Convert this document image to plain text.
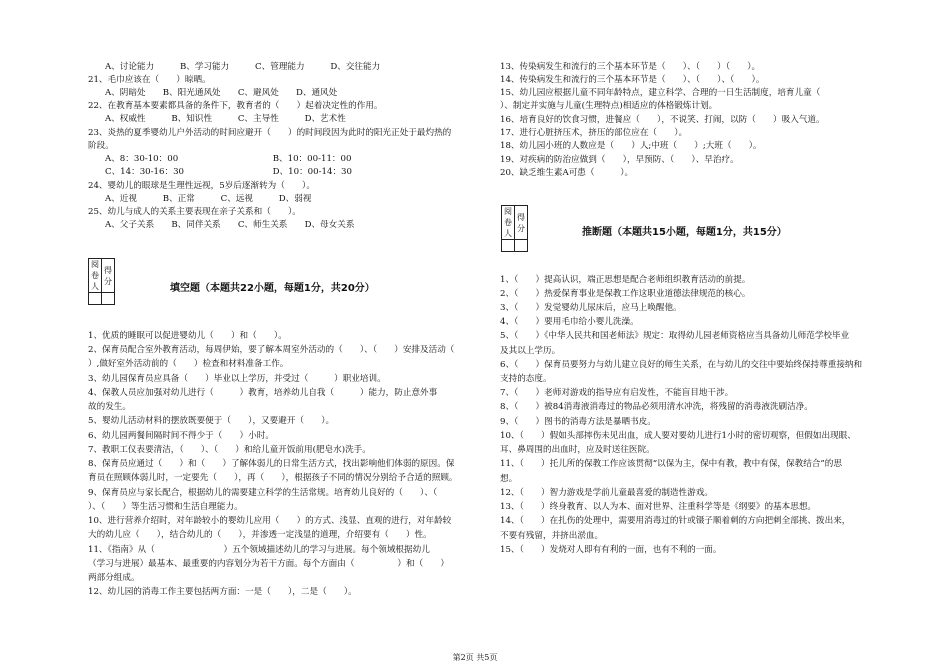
A、讨论能力　　　B、学习能力　　　C、管理能力　　　D、交往能力
21、毛巾应该在（　　）晾晒。
A、阴暗处　　B、阳光通风处　　C、避风处　　D、通风处
22、在教育基本要素都具备的条件下，教育者的（　　）起着决定性的作用。
A、权威性　　　B、知识性　　　C、主导性　　　D、艺术性
23、炎热的夏季婴幼儿户外活动的时间应避开（　　）的时间段因为此时的阳光正处于最灼热的
阶段。
A、8：30-10：00　　　　　　　　　　　B、10：00-11：00
C、14：30-16：30　　　　　　　　　　 D、10：00-14：30
24、婴幼儿的眼球是生理性远视，5岁后逐渐转为（　　）。
A、近视　　　B、正常　　　C、远视　　　D、弱视
25、幼儿与成人的关系主要表现在亲子关系和（　　）。
A、父子关系　　B、同伴关系　　C、师生关系　　D、母女关系
阅卷人	得分

填空题（本题共22小题，每题1分，共20分）
1、优质的睡眠可以促进婴幼儿（　　）和（　　）。
2、保育员配合室外教育活动，每周伊始，要了解本周室外活动的（　　）、（　　）安排及活动（
）,做好室外活动前的（　　）检查和材料准备工作。
3、幼儿园保育员应具备（　　）毕业以上学历，并受过（　　　）职业培训。
4、保教人员应加强对幼儿进行（　　　）教育，培养幼儿自我（　　　）能力，防止意外事
故的发生。
5、婴幼儿活动材料的摆放既要便于（　　），又要避开（　　）。
6、幼儿园两餐间隔时间不得少于（　　）小时。
7、教职工仪表要清洁，（　　）、（　　）和给儿童开饭前用(肥皂水)洗手。
8、保育员应通过（　　）和（　　）了解体弱儿的日常生活方式，找出影响他们体弱的原因。保
育员在照顾体弱儿时，一定要先（　　），再（　　），根据孩子不同的情况分别给予合适的照顾。
9、保育员应与家长配合，根据幼儿的需要建立科学的生活常规。培育幼儿良好的（　　）、（
）、（　　）等生活习惯和生活自理能力。
10、进行营养介绍时，对年龄较小的婴幼儿应用（　　）的方式、浅显、直观的进行，对年龄较
大的幼儿应（　　），结合幼儿的（　　），并渗透一定浅显的道理，介绍要有（　　）性。
11、《指南》从（　　　　　　　　）五个领域描述幼儿的学习与进展。每个领域根据幼儿
（学习与进展）最基本、最重要的内容划分为若干方面。每个方面由（　　　　　）和（　　）
两部分组成。
12、幼儿园的消毒工作主要包括两方面：一是（　　），二是（　　）。
13、传染病发生和流行的三个基本环节是（　　）、（　　）（　　）。
14、传染病发生和流行的三个基本环节是（　　）、（　　）、（　　）。
15、幼儿园应根据儿童不同年龄特点，建立科学、合理的一日生活制度，培育儿童（
）、制定并实施与儿童(生理特点)相适应的体格锻炼计划。
16、培育良好的饮食习惯，进餐应（　　），不说笑、打闹，以防（　　）吸入气道。
17、进行心脏挤压术，挤压的部位应在（　　）。
18、幼儿园小班的人数应是（　　）人;中班（　　）;大班（　　）。
19、对疾病的防治应做到（　　），早预防、（　　）、早治疗。
20、缺乏维生素A可患（　　　）。
阅卷人	得分
		推断题（本题共15小题，每题1分，共15分）
1、（　　）提高认识，端正思想是配合老师组织教育活动的前提。
2、（　　）热爱保育事业是保教工作这职业道德法律规范的核心。
3、（　　）发觉婴幼儿尿床后，应马上唤醒他。
4、（　　）要用毛巾给小婴儿洗澡。
5、（　　）《中华人民共和国老师法》规定：取得幼儿园老师资格应当具备幼儿师范学校毕业
及其以上学历。
6、（　　）保育员要努力与幼儿建立良好的师生关系，在与幼儿的交往中要始终保持尊重接纳和
支持的态度。
7、（　　）老师对游戏的指导应有启发性，不能盲目地干涉。
8、（　　）被84消毒液消毒过的物品必须用清水冲洗，将残留的消毒液洗刷洁净。
9、（　　）图书的消毒方法是暴晒书皮。
10、（　　）假如头部摔伤未见出血，成人要对要幼儿进行1小时的密切观察，但假如出现眼、
耳、鼻周围的出血时，应及时送往医院。
11、（　　）托儿所的保教工作应该贯彻“以保为主，保中有教，教中有保，保教结合”的思
想。
12、（　　）智力游戏是学前儿童最喜爱的制造性游戏。
13、（　　）终身教育、以人为本、面对世界、注重科学等是《纲要》的基本思想。
14、（　　）在扎伤的处理中，需要用消毒过的针或镊子顺着刺的方向把刺全部挑、拨出来，
不要有残留，并挤出淤血。
15、（　　）发烧对人即有有利的一面，也有不利的一面。
第2页 共5页
